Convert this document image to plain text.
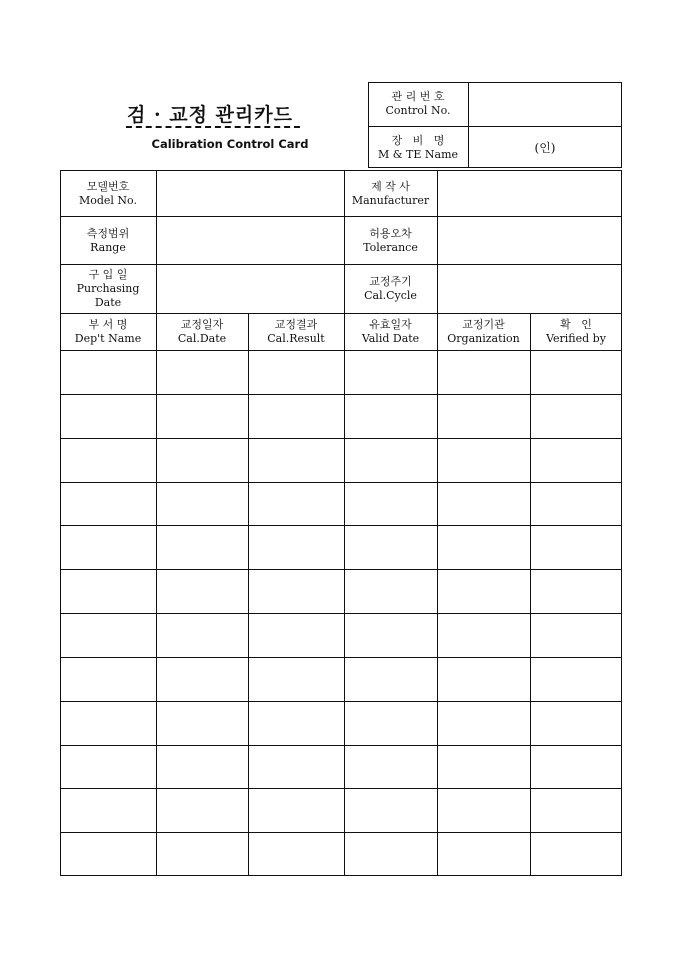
검 · 교정 관리카드
Calibration Control Card
관 리 번 호
Control No.
장   비   명
M & TE Name	(인)
모델번호
Model No.
제 작 사
Manufacturer
측정범위
Range
허용오차
Tolerance
구 입 일
Purchasing
Date
교정주기
Cal.Cycle
부 서 명
Dep't Name
교정일자
Cal.Date
교정결과
Cal.Result
유효일자
Valid Date
교정기관
Organization
확   인
Verified by
